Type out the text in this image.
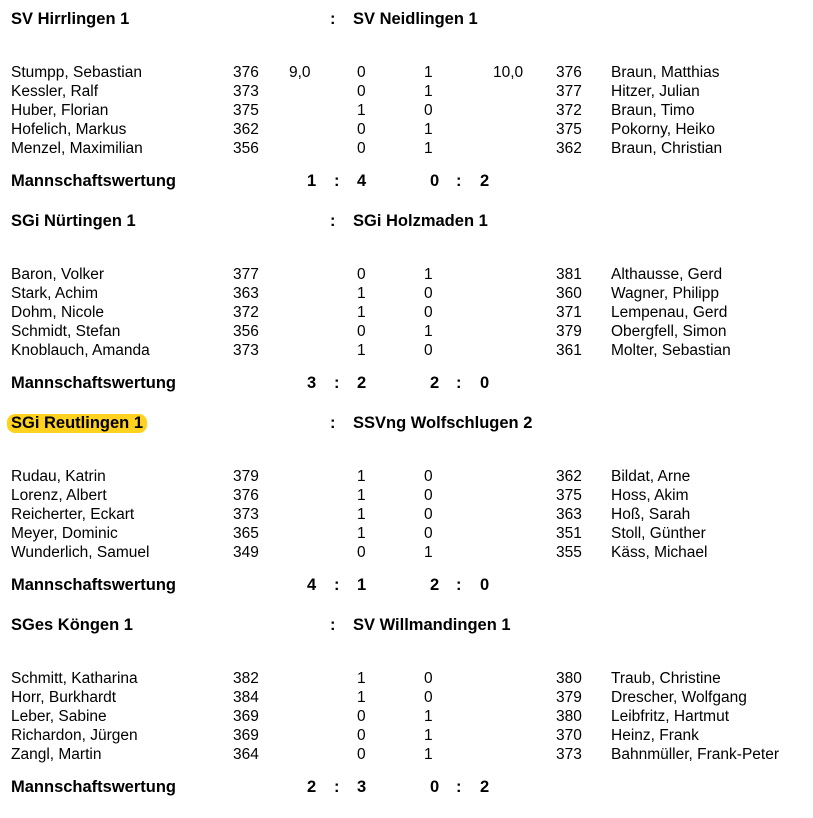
SV Hirrlingen 1	: SV Neidlingen 1
Stumpp, Sebastian	376 9,0	0	1	10,0 376 Braun, Matthias
Kessler, Ralf	373	0	1	377 Hitzer, Julian
Huber, Florian	375	1	0	372 Braun, Timo
Hofelich, Markus	362	0	1	375 Pokorny, Heiko
Menzel, Maximilian	356	0	1	362 Braun, Christian
Mannschaftswertung	1 : 4	0 : 2
SGi Nürtingen 1	: SGi Holzmaden 1
Baron, Volker	377	0	1	381 Althausse, Gerd
Stark, Achim	363	1	0	360 Wagner, Philipp
Dohm, Nicole	372	1	0	371 Lempenau, Gerd
Schmidt, Stefan	356	0	1	379 Obergfell, Simon
Knoblauch, Amanda	373	1	0	361 Molter, Sebastian
Mannschaftswertung	3 : 2	2 : 0
SGi Reutlingen 1	: SSVng Wolfschlugen 2
Rudau, Katrin	379	1	0	362 Bildat, Arne
Lorenz, Albert	376	1	0	375 Hoss, Akim
Reicherter, Eckart	373	1	0	363 Hoß, Sarah
Meyer, Dominic	365	1	0	351 Stoll, Günther
Wunderlich, Samuel	349	0	1	355 Käss, Michael
Mannschaftswertung	4 : 1	2 : 0
SGes Köngen 1	: SV Willmandingen 1
Schmitt, Katharina	382	1	0	380 Traub, Christine
Horr, Burkhardt	384	1	0	379 Drescher, Wolfgang
Leber, Sabine	369	0	1	380 Leibfritz, Hartmut
Richardon, Jürgen	369	0	1	370 Heinz, Frank
Zangl, Martin	364	0	1	373 Bahnmüller, Frank-Peter
Mannschaftswertung	2 : 3	0 : 2
